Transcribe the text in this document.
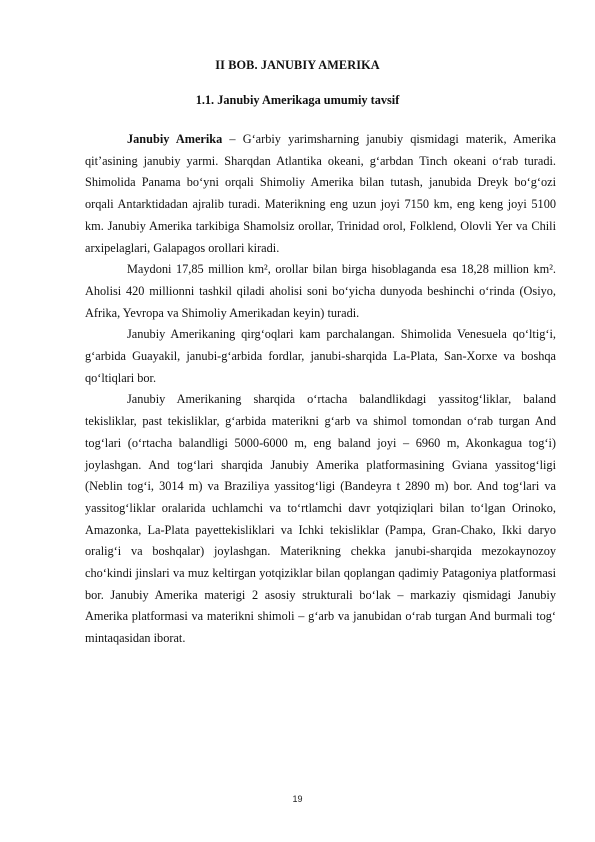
II BOB. JANUBIY AMERIKA
1.1. Janubiy Amerikaga umumiy tavsif

Janubiy Amerika – G‘arbiy yarimsharning janubiy qismidagi materik, Amerika qit’asining janubiy yarmi. Sharqdan Atlantika okeani, g‘arbdan Tinch okeani o‘rab turadi. Shimolida Panama bo‘yni orqali Shimoliy Amerika bilan tutash, janubida Dreyk bo‘g‘ozi orqali Antarktidadan ajralib turadi. Materikning eng uzun joyi 7150 km, eng keng joyi 5100 km. Janubiy Amerika tarkibiga Shamolsiz orollar, Trinidad orol, Folklend, Olovli Yer va Chili arxipelaglari, Galapagos orollari kiradi.

Maydoni 17,85 million km², orollar bilan birga hisoblaganda esa 18,28 million km². Aholisi 420 millionni tashkil qiladi aholisi soni bo‘yicha dunyoda beshinchi o‘rinda (Osiyo, Afrika, Yevropa va Shimoliy Amerikadan keyin) turadi.

Janubiy Amerikaning qirg‘oqlari kam parchalangan. Shimolida Venesuela qo‘ltig‘i, g‘arbida Guayakil, janubi-g‘arbida fordlar, janubi-sharqida La-Plata, San-Xorxe va boshqa qo‘ltiqlari bor.

Janubiy Amerikaning sharqida o‘rtacha balandlikdagi yassitog‘liklar, baland tekisliklar, past tekisliklar, g‘arbida materikni g‘arb va shimol tomondan o‘rab turgan And tog‘lari (o‘rtacha balandligi 5000-6000 m, eng baland joyi – 6960 m, Akonkagua tog‘i) joylashgan. And tog‘lari sharqida Janubiy Amerika platformasining Gviana yassitog‘ligi (Neblin tog‘i, 3014 m) va Braziliya yassitog‘ligi (Bandeyra t 2890 m) bor. And tog‘lari va yassitog‘liklar oralarida uchlamchi va to‘rtlamchi davr yotqiziqlari bilan to‘lgan Orinoko, Amazonka, La-Plata payettekisliklari va Ichki tekisliklar (Pampa, Gran-Chako, Ikki daryo oralig‘i va boshqalar) joylashgan. Materikning chekka janubi-sharqida mezokaynozoy cho‘kindi jinslari va muz keltirgan yotqiziklar bilan qoplangan qadimiy Patagoniya platformasi bor. Janubiy Amerika materigi 2 asosiy strukturali bo‘lak – markaziy qismidagi Janubiy Amerika platformasi va materikni shimoli – g‘arb va janubidan o‘rab turgan And burmali tog‘ mintaqasidan iborat.

19
